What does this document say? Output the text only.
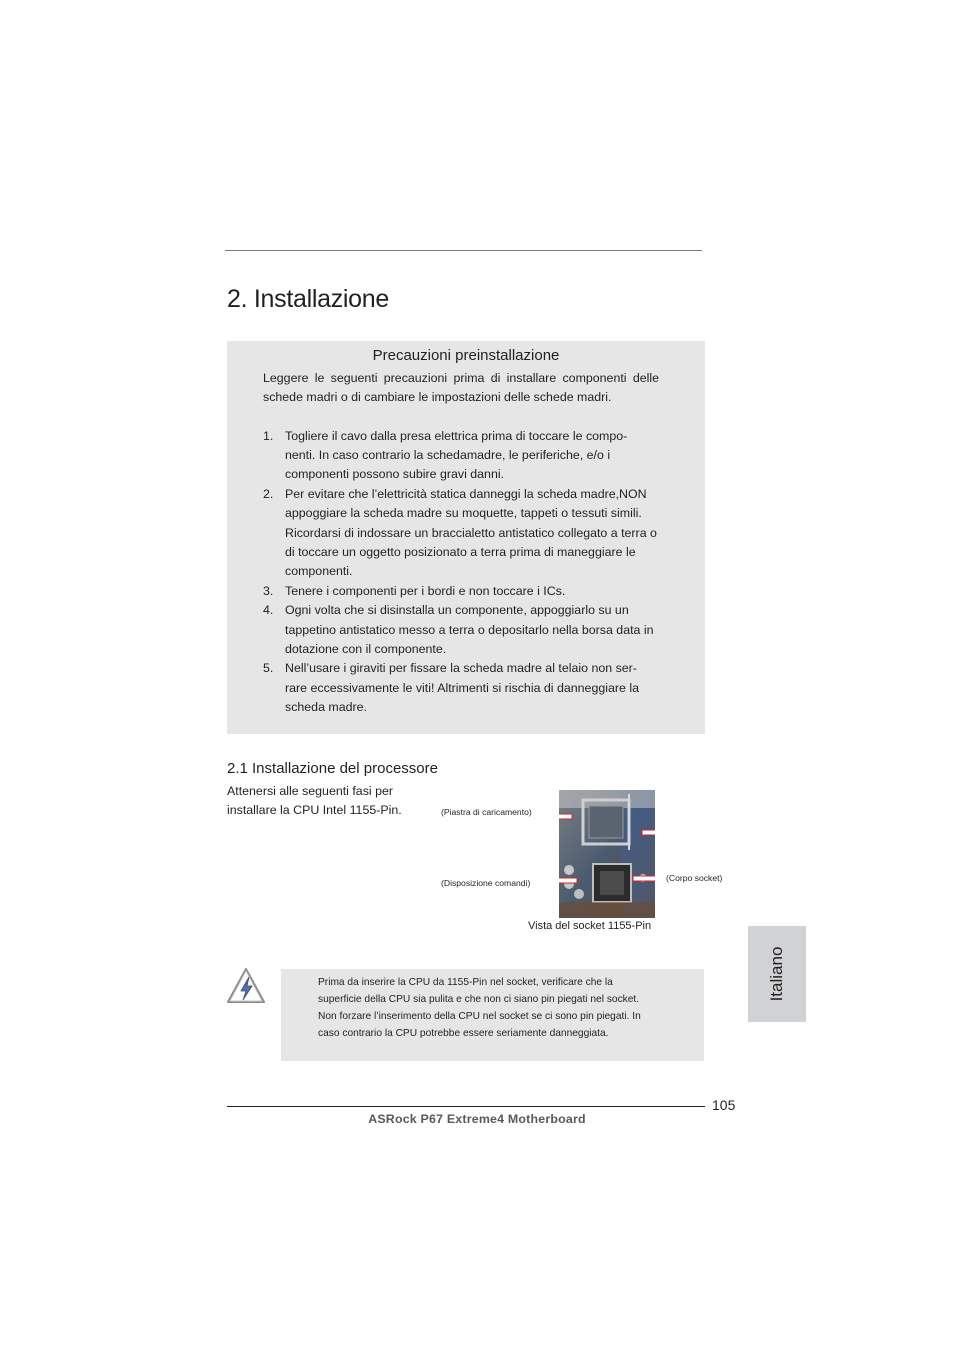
2. Installazione
Precauzioni preinstallazione
Leggere le seguenti precauzioni prima di installare componenti delle schede madri o di cambiare le impostazioni delle schede madri.
1. Togliere il cavo dalla presa elettrica prima di toccare le compo- nenti. In caso contrario la schedamadre, le periferiche, e/o i componenti possono subire gravi danni.
2. Per evitare che l’elettricità statica danneggi la scheda madre,NON appoggiare la scheda madre su moquette, tappeti o tessuti simili. Ricordarsi di indossare un braccialetto antistatico collegato a terra o di toccare un oggetto posizionato a terra prima di maneggiare le componenti.
3. Tenere i componenti per i bordi e non toccare i ICs.
4. Ogni volta che si disinstalla un componente, appoggiarlo su un tappetino antistatico messo a terra o depositarlo nella borsa data in dotazione con il componente.
5. Nell’usare i giraviti per fissare la scheda madre al telaio non ser- rare eccessivamente le viti! Altrimenti si rischia di danneggiare la scheda madre.
2.1 Installazione del processore
Attenersi alle seguenti fasi per installare la CPU Intel 1155-Pin.	(Piastra di caricamento)
(Disposizione comandi)	(Corpo socket)
Vista del socket 1155-Pin
Italiano
Prima da inserire la CPU da 1155-Pin nel socket, verificare che la superficie della CPU sia pulita e che non ci siano pin piegati nel socket. Non forzare l’inserimento della CPU nel socket se ci sono pin piegati. In caso contrario la CPU potrebbe essere seriamente danneggiata.
105
ASRock P67 Extreme4 Motherboard
